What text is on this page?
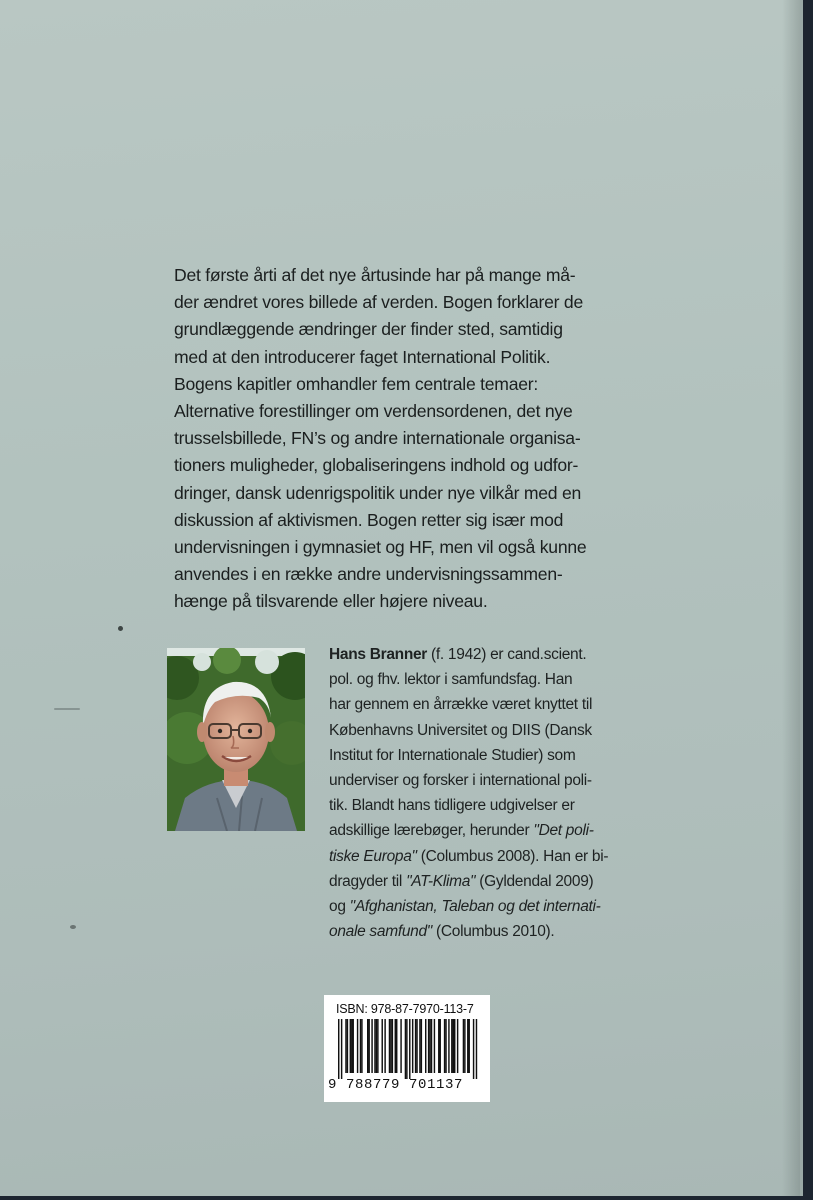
Det første årti af det nye årtusinde har på mange må-
der ændret vores billede af verden. Bogen forklarer de
grundlæggende ændringer der finder sted, samtidig
med at den introducerer faget International Politik.
Bogens kapitler omhandler fem centrale temaer:
Alternative forestillinger om verdensordenen, det nye
trusselsbillede, FN’s og andre internationale organisa-
tioners muligheder, globaliseringens indhold og udfor-
dringer, dansk udenrigspolitik under nye vilkår med en
diskussion af aktivismen. Bogen retter sig især mod
undervisningen i gymnasiet og HF, men vil også kunne
anvendes i en række andre undervisningssammen-
hænge på tilsvarende eller højere niveau.
Hans Branner (f. 1942) er cand.scient.
pol. og fhv. lektor i samfundsfag. Han
har gennem en årrække været knyttet til
Københavns Universitet og DIIS (Dansk
Institut for Internationale Studier) som
underviser og forsker i international poli-
tik. Blandt hans tidligere udgivelser er
adskillige lærebøger, herunder "Det poli-
tiske Europa" (Columbus 2008). Han er bi-
dragyder til "AT-Klima" (Gyldendal 2009)
og "Afghanistan, Taleban og det internati-
onale samfund" (Columbus 2010).
ISBN: 978-87-7970-113-7
9 788779 701137
